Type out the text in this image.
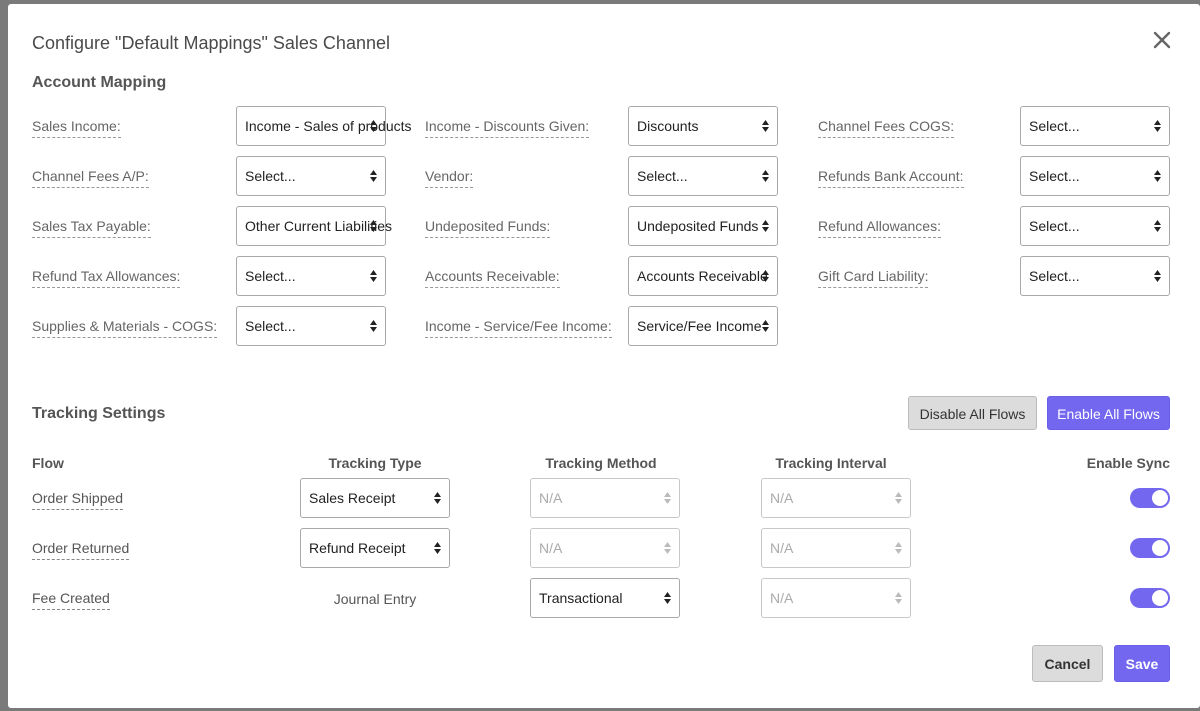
Configure "Default Mappings" Sales Channel
Account Mapping
Sales Income:	Income - Sales of products Income - Discounts Given:	Discounts	Channel Fees COGS:	Select...
Channel Fees A/P:	Select...	Vendor:	Select...	Refunds Bank Account:	Select...
Sales Tax Payable:	Other Current Liabilities Undeposited Funds:	Undeposited Funds	Refund Allowances:	Select...
Refund Tax Allowances:	Select...	Accounts Receivable:	Accounts Receivable	Gift Card Liability:	Select...
Supplies & Materials - COGS: Select...	Income - Service/Fee Income: Service/Fee Income
Tracking Settings	Disable All Flows	Enable All Flows
Flow	Tracking Type	Tracking Method	Tracking Interval	Enable Sync
Order Shipped	Sales Receipt	N/A	N/A
Order Returned	Refund Receipt	N/A	N/A
Fee Created	Journal Entry	Transactional	N/A
Cancel	Save
